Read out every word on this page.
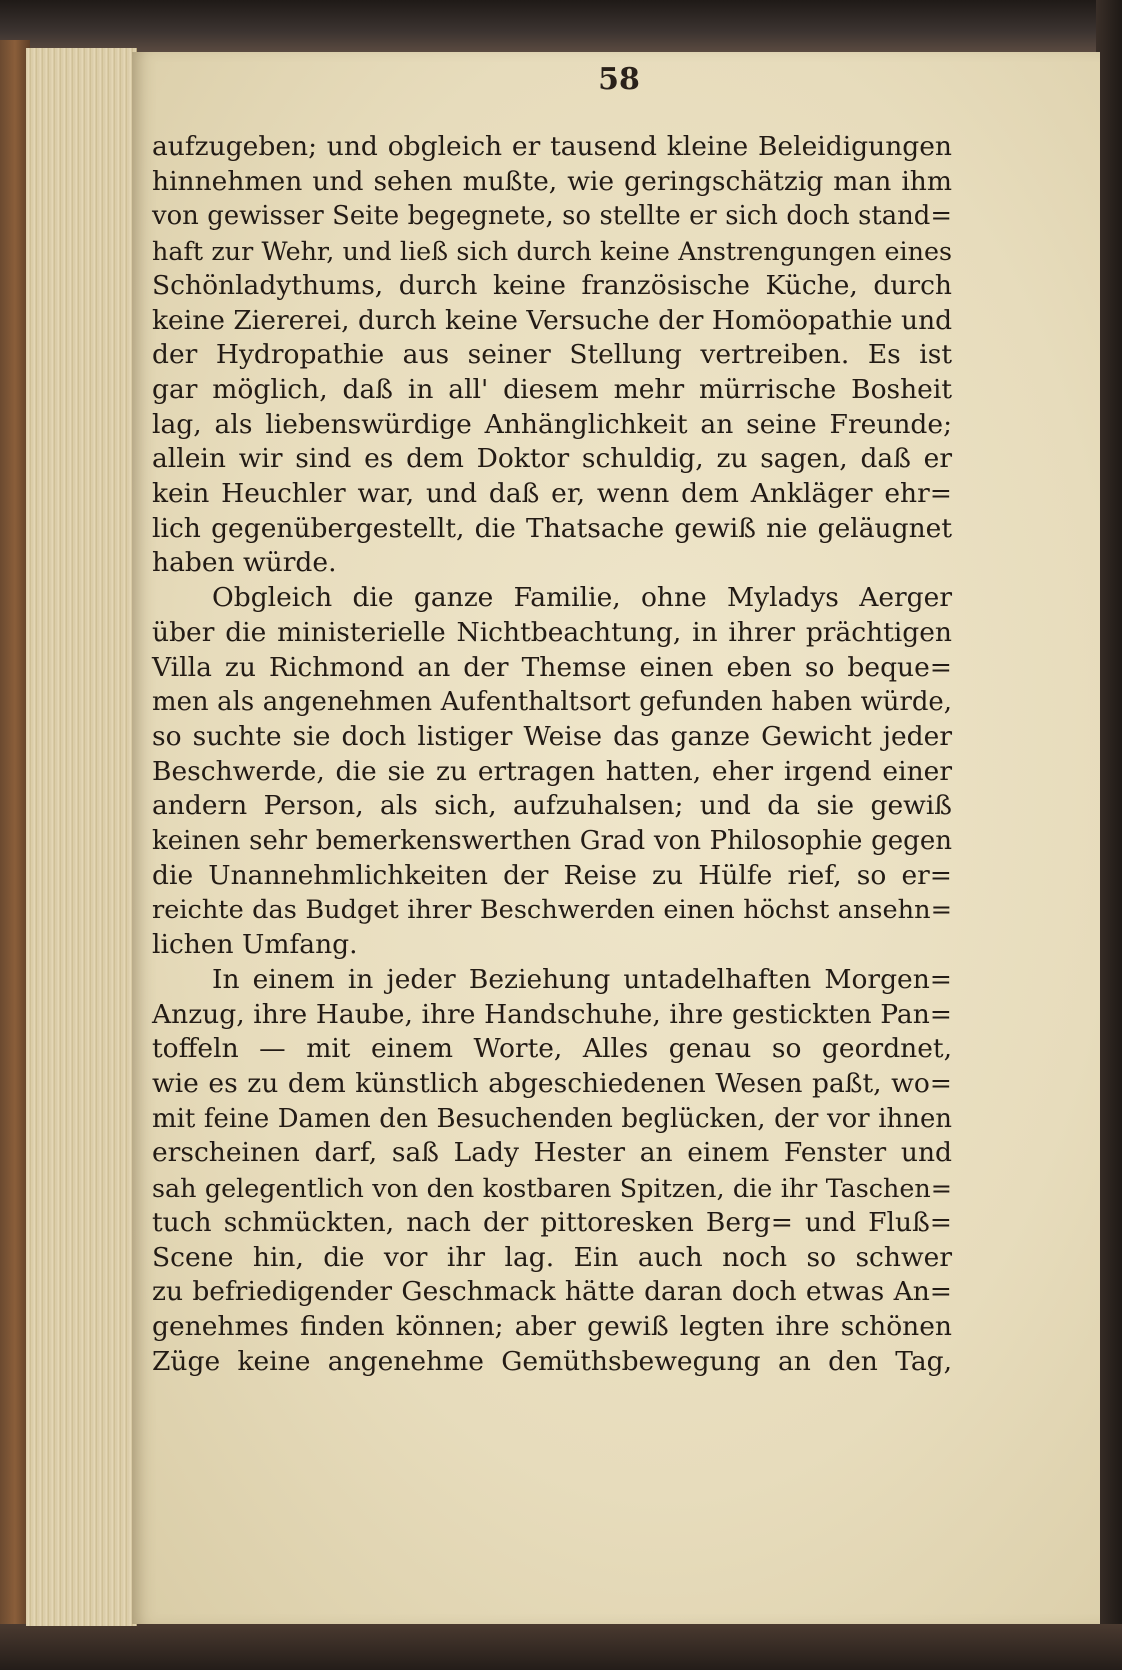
58
aufzugeben; und obgleich er tausend kleine Beleidigungen
hinnehmen und sehen mußte, wie geringschätzig man ihm
von gewisser Seite begegnete, so stellte er sich doch stand=
haft zur Wehr, und ließ sich durch keine Anstrengungen eines
Schönladythums, durch keine französische Küche, durch
keine Ziererei, durch keine Versuche der Homöopathie und
der Hydropathie aus seiner Stellung vertreiben. Es ist
gar möglich, daß in all' diesem mehr mürrische Bosheit
lag, als liebenswürdige Anhänglichkeit an seine Freunde;
allein wir sind es dem Doktor schuldig, zu sagen, daß er
kein Heuchler war, und daß er, wenn dem Ankläger ehr=
lich gegenübergestellt, die Thatsache gewiß nie geläugnet
haben würde.
Obgleich die ganze Familie, ohne Myladys Aerger
über die ministerielle Nichtbeachtung, in ihrer prächtigen
Villa zu Richmond an der Themse einen eben so beque=
men als angenehmen Aufenthaltsort gefunden haben würde,
so suchte sie doch listiger Weise das ganze Gewicht jeder
Beschwerde, die sie zu ertragen hatten, eher irgend einer
andern Person, als sich, aufzuhalsen; und da sie gewiß
keinen sehr bemerkenswerthen Grad von Philosophie gegen
die Unannehmlichkeiten der Reise zu Hülfe rief, so er=
reichte das Budget ihrer Beschwerden einen höchst ansehn=
lichen Umfang.
In einem in jeder Beziehung untadelhaften Morgen=
Anzug, ihre Haube, ihre Handschuhe, ihre gestickten Pan=
toffeln — mit einem Worte, Alles genau so geordnet,
wie es zu dem künstlich abgeschiedenen Wesen paßt, wo=
mit feine Damen den Besuchenden beglücken, der vor ihnen
erscheinen darf, saß Lady Hester an einem Fenster und
sah gelegentlich von den kostbaren Spitzen, die ihr Taschen=
tuch schmückten, nach der pittoresken Berg= und Fluß=
Scene hin, die vor ihr lag. Ein auch noch so schwer
zu befriedigender Geschmack hätte daran doch etwas An=
genehmes finden können; aber gewiß legten ihre schönen
Züge keine angenehme Gemüthsbewegung an den Tag,
